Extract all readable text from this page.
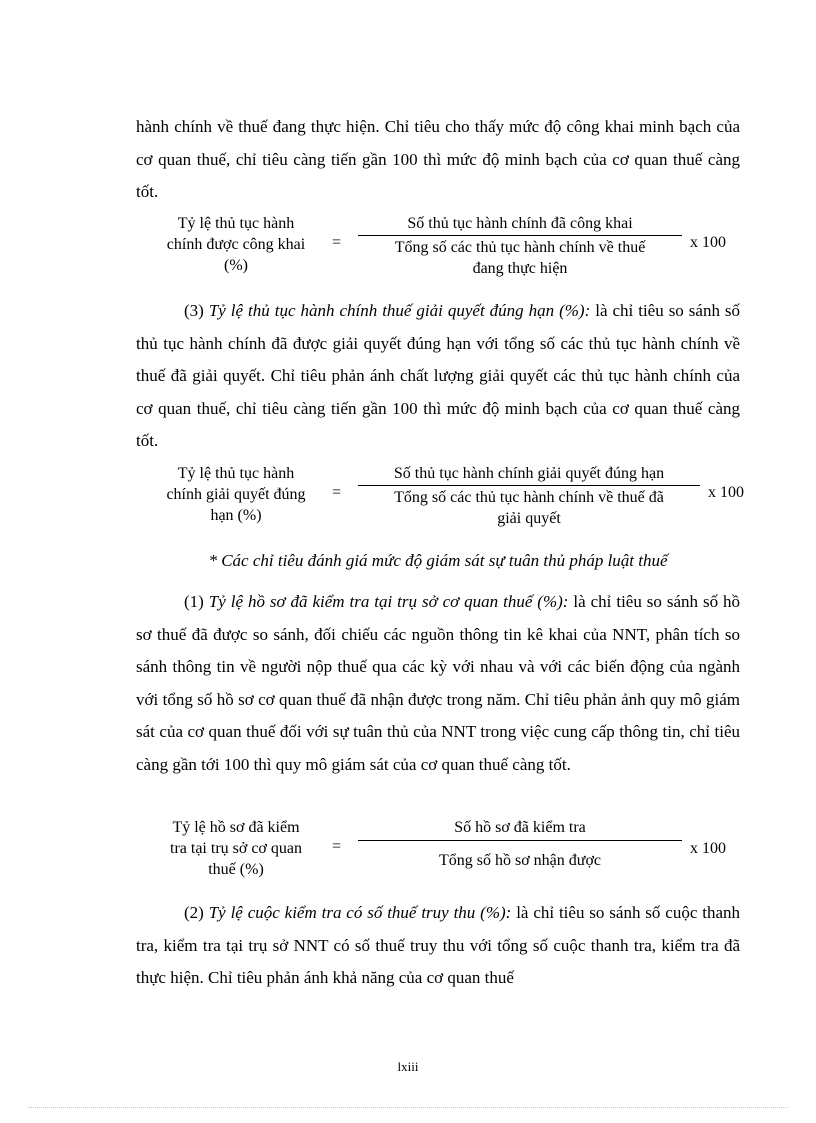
hành chính về thuế đang thực hiện. Chỉ tiêu cho thấy mức độ công khai minh bạch của cơ quan thuế, chỉ tiêu càng tiến gần 100 thì mức độ minh bạch của cơ quan thuế càng tốt.

Tỷ lệ thủ tục hành
chính được công khai
(%)
=
Số thủ tục hành chính đã công khai
Tổng số các thủ tục hành chính về thuế
đang thực hiện
x 100

(3) Tỷ lệ thủ tục hành chính thuế giải quyết đúng hạn (%): là chỉ tiêu so sánh số thủ tục hành chính đã được giải quyết đúng hạn với tổng số các thủ tục hành chính về thuế đã giải quyết. Chỉ tiêu phản ánh chất lượng giải quyết các thủ tục hành chính của cơ quan thuế, chỉ tiêu càng tiến gần 100 thì mức độ minh bạch của cơ quan thuế càng tốt.

Tỷ lệ thủ tục hành
chính giải quyết đúng
hạn (%)
=
Số thủ tục hành chính giải quyết đúng hạn
Tổng số các thủ tục hành chính về thuế đã
giải quyết
x 100

* Các chỉ tiêu đánh giá mức độ giám sát sự tuân thủ pháp luật thuế

(1) Tỷ lệ hồ sơ đã kiểm tra tại trụ sở cơ quan thuế (%): là chỉ tiêu so sánh số hồ sơ thuế đã được so sánh, đối chiếu các nguồn thông tin kê khai của NNT, phân tích so sánh thông tin về người nộp thuế qua các kỳ với nhau và với các biến động của ngành với tổng số hồ sơ cơ quan thuế đã nhận được trong năm. Chỉ tiêu phản ảnh quy mô giám sát của cơ quan thuế đối với sự tuân thủ của NNT trong việc cung cấp thông tin, chỉ tiêu càng gần tới 100 thì quy mô giám sát của cơ quan thuế càng tốt.

Tỷ lệ hồ sơ đã kiểm
tra tại trụ sở cơ quan
thuế (%)
=
Số hồ sơ đã kiểm tra
Tổng số hồ sơ nhận được
x 100

(2) Tỷ lệ cuộc kiểm tra có số thuế truy thu (%): là chỉ tiêu so sánh số cuộc thanh tra, kiểm tra tại trụ sở NNT có số thuế truy thu với tổng số cuộc thanh tra, kiểm tra đã thực hiện. Chỉ tiêu phản ánh khả năng của cơ quan thuế

lxiii
